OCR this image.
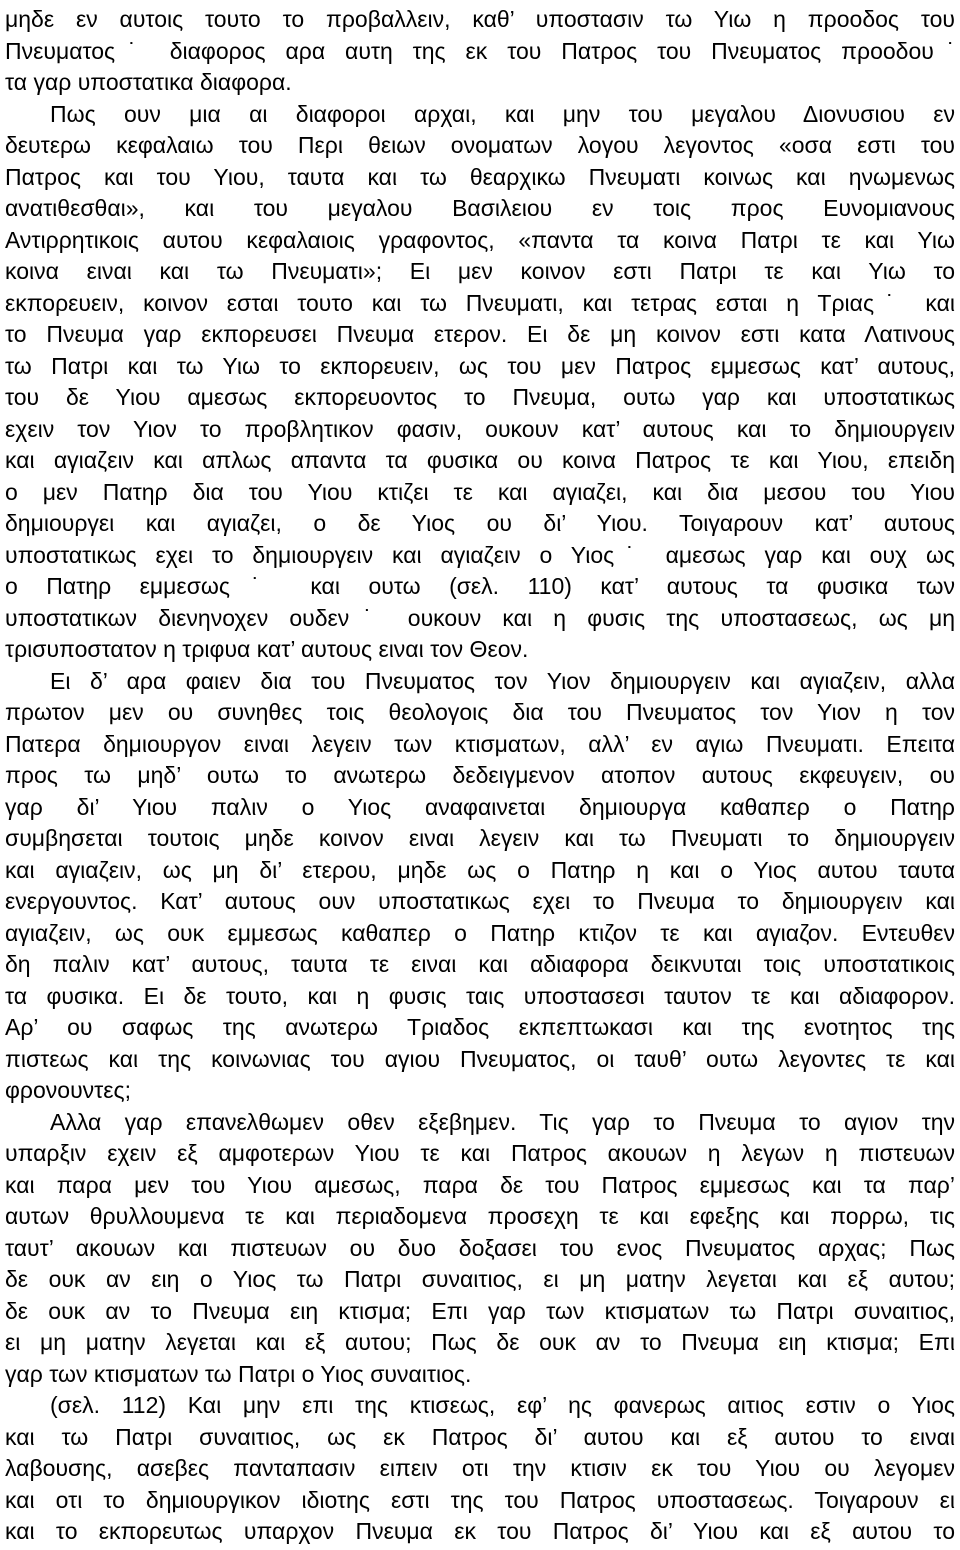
μηδε εν αυτοις τουτο το προβαλλειν, καθ’ υποστασιν τω Υιω η προοδος του
Πνευματος˙ διαφορος αρα αυτη της εκ του Πατρος του Πνευματος προοδου˙
τα γαρ υποστατικα διαφορα.
Πως ουν μια αι διαφοροι αρχαι, και μην του μεγαλου Διονυσιου εν
δευτερω κεφαλαιω του Περι θειων ονοματων λογου λεγοντος «οσα εστι του
Πατρος και του Υιου, ταυτα και τω θεαρχικω Πνευματι κοινως και ηνωμενως
ανατιθεσθαι», και του μεγαλου Βασιλειου εν τοις προς Ευνομιανους
Αντιρρητικοις αυτου κεφαλαιοις γραφοντος, «παντα τα κοινα Πατρι τε και Υιω
κοινα ειναι και τω Πνευματι»; Ει μεν κοινον εστι Πατρι τε και Υιω το
εκπορευειν, κοινον εσται τουτο και τω Πνευματι, και τετρας εσται η Τριας˙ και
το Πνευμα γαρ εκπορευσει Πνευμα ετερον. Ει δε μη κοινον εστι κατα Λατινους
τω Πατρι και τω Υιω το εκπορευειν, ως του μεν Πατρος εμμεσως κατ’ αυτους,
του δε Υιου αμεσως εκπορευοντος το Πνευμα, ουτω γαρ και υποστατικως
εχειν τον Υιον το προβλητικον φασιν, ουκουν κατ’ αυτους και το δημιουργειν
και αγιαζειν και απλως απαντα τα φυσικα ου κοινα Πατρος τε και Υιου, επειδη
ο μεν Πατηρ δια του Υιου κτιζει τε και αγιαζει, και δια μεσου του Υιου
δημιουργει και αγιαζει, ο δε Υιος ου δι’ Υιου. Τοιγαρουν κατ’ αυτους
υποστατικως εχει το δημιουργειν και αγιαζειν ο Υιος˙ αμεσως γαρ και ουχ ως
ο Πατηρ εμμεσως˙ και ουτω (σελ. 110) κατ’ αυτους τα φυσικα των
υποστατικων διενηνοχεν ουδεν˙ ουκουν και η φυσις της υποστασεως, ως μη
τρισυποστατον η τριφυα κατ’ αυτους ειναι τον Θεον.
Ει δ’ αρα φαιεν δια του Πνευματος τον Υιον δημιουργειν και αγιαζειν, αλλα
πρωτον μεν ου συνηθες τοις θεολογοις δια του Πνευματος τον Υιον η τον
Πατερα δημιουργον ειναι λεγειν των κτισματων, αλλ’ εν αγιω Πνευματι. Επειτα
προς τω μηδ’ ουτω το ανωτερω δεδειγμενον ατοπον αυτους εκφευγειν, ου
γαρ δι’ Υιου παλιν ο Υιος αναφαινεται δημιουργα καθαπερ ο Πατηρ
συμβησεται τουτοις μηδε κοινον ειναι λεγειν και τω Πνευματι το δημιουργειν
και αγιαζειν, ως μη δι’ ετερου, μηδε ως ο Πατηρ η και ο Υιος αυτου ταυτα
ενεργουντος. Κατ’ αυτους ουν υποστατικως εχει το Πνευμα το δημιουργειν και
αγιαζειν, ως ουκ εμμεσως καθαπερ ο Πατηρ κτιζον τε και αγιαζον. Εντευθεν
δη παλιν κατ’ αυτους, ταυτα τε ειναι και αδιαφορα δεικνυται τοις υποστατικοις
τα φυσικα. Ει δε τουτο, και η φυσις ταις υποστασεσι ταυτον τε και αδιαφορον.
Αρ’ ου σαφως της ανωτερω Τριαδος εκπεπτωκασι και της ενοτητος της
πιστεως και της κοινωνιας του αγιου Πνευματος, οι ταυθ’ ουτω λεγοντες τε και
φρονουντες;
Αλλα γαρ επανελθωμεν οθεν εξεβημεν. Τις γαρ το Πνευμα το αγιον την
υπαρξιν εχειν εξ αμφοτερων Υιου τε και Πατρος ακουων η λεγων η πιστευων
και παρα μεν του Υιου αμεσως, παρα δε του Πατρος εμμεσως και τα παρ’
αυτων θρυλλουμενα τε και περιαδομενα προσεχη τε και εφεξης και πορρω, τις
ταυτ’ ακουων και πιστευων ου δυο δοξασει του ενος Πνευματος αρχας; Πως
δε ουκ αν ειη ο Υιος τω Πατρι συναιτιος, ει μη ματην λεγεται και εξ αυτου;
δε ουκ αν το Πνευμα ειη κτισμα; Επι γαρ των κτισματων τω Πατρι συναιτιος,
ει μη ματην λεγεται και εξ αυτου; Πως δε ουκ αν το Πνευμα ειη κτισμα; Επι
γαρ των κτισματων τω Πατρι ο Υιος συναιτιος.
(σελ. 112) Και μην επι της κτισεως, εφ’ ης φανερως αιτιος εστιν ο Υιος
και τω Πατρι συναιτιος, ως εκ Πατρος δι’ αυτου και εξ αυτου το ειναι
λαβουσης, ασεβες πανταπασιν ειπειν οτι την κτισιν εκ του Υιου ου λεγομεν
και οτι το δημιουργικον ιδιοτης εστι της του Πατρος υποστασεως. Τοιγαρουν ει
και το εκπορευτως υπαρχον Πνευμα εκ του Πατρος δι’ Υιου και εξ αυτου το
